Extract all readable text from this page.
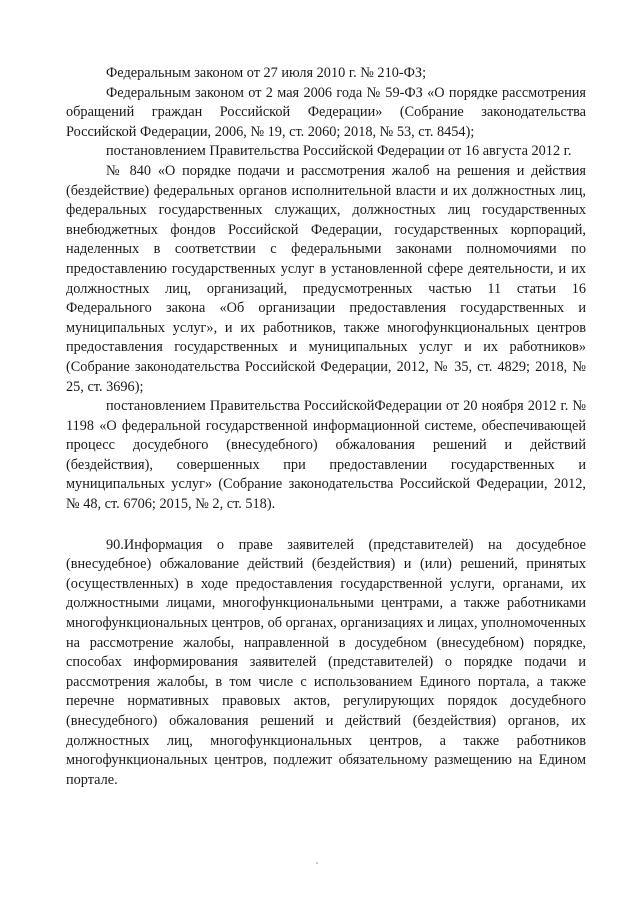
Федеральным законом от 27 июля 2010 г. № 210-ФЗ;

Федеральным законом от 2 мая 2006 года № 59-ФЗ «О порядке рассмотрения обращений граждан Российской Федерации» (Собрание законодательства Российской Федерации, 2006, № 19, ст. 2060; 2018, № 53, ст. 8454);

постановлением Правительства Российской Федерации от 16 августа 2012 г.

№ 840 «О порядке подачи и рассмотрения жалоб на решения и действия (бездействие) федеральных органов исполнительной власти и их должностных лиц, федеральных государственных служащих, должностных лиц государственных внебюджетных фондов Российской Федерации, государственных корпораций, наделенных в соответствии с федеральными законами полномочиями по предоставлению государственных услуг в установленной сфере деятельности, и их должностных лиц, организаций, предусмотренных частью 11 статьи 16 Федерального закона «Об организации предоставления государственных и муниципальных услуг», и их работников, также многофункциональных центров предоставления государственных и муниципальных услуг и их работников» (Собрание законодательства Российской Федерации, 2012, № 35, ст. 4829; 2018, № 25, ст. 3696);

постановлением Правительства РоссийскойФедерации от 20 ноября 2012 г. № 1198 «О федеральной государственной информационной системе, обеспечивающей процесс досудебного (внесудебного) обжалования решений и действий (бездействия), совершенных при предоставлении государственных и муниципальных услуг» (Собрание законодательства Российской Федерации, 2012, № 48, ст. 6706; 2015, № 2, ст. 518).

90.Информация о праве заявителей (представителей) на досудебное (внесудебное) обжалование действий (бездействия) и (или) решений, принятых (осуществленных) в ходе предоставления государственной услуги, органами, их должностными лицами, многофункциональными центрами, а также работниками многофункциональных центров, об органах, организациях и лицах, уполномоченных на рассмотрение жалобы, направленной в досудебном (внесудебном) порядке, способах информирования заявителей (представителей) о порядке подачи и рассмотрения жалобы, в том числе с использованием Единого портала, а также перечне нормативных правовых актов, регулирующих порядок досудебного (внесудебного) обжалования решений и действий (бездействия) органов, их должностных лиц, многофункциональных центров, а также работников многофункциональных центров, подлежит обязательному размещению на Едином портале.
